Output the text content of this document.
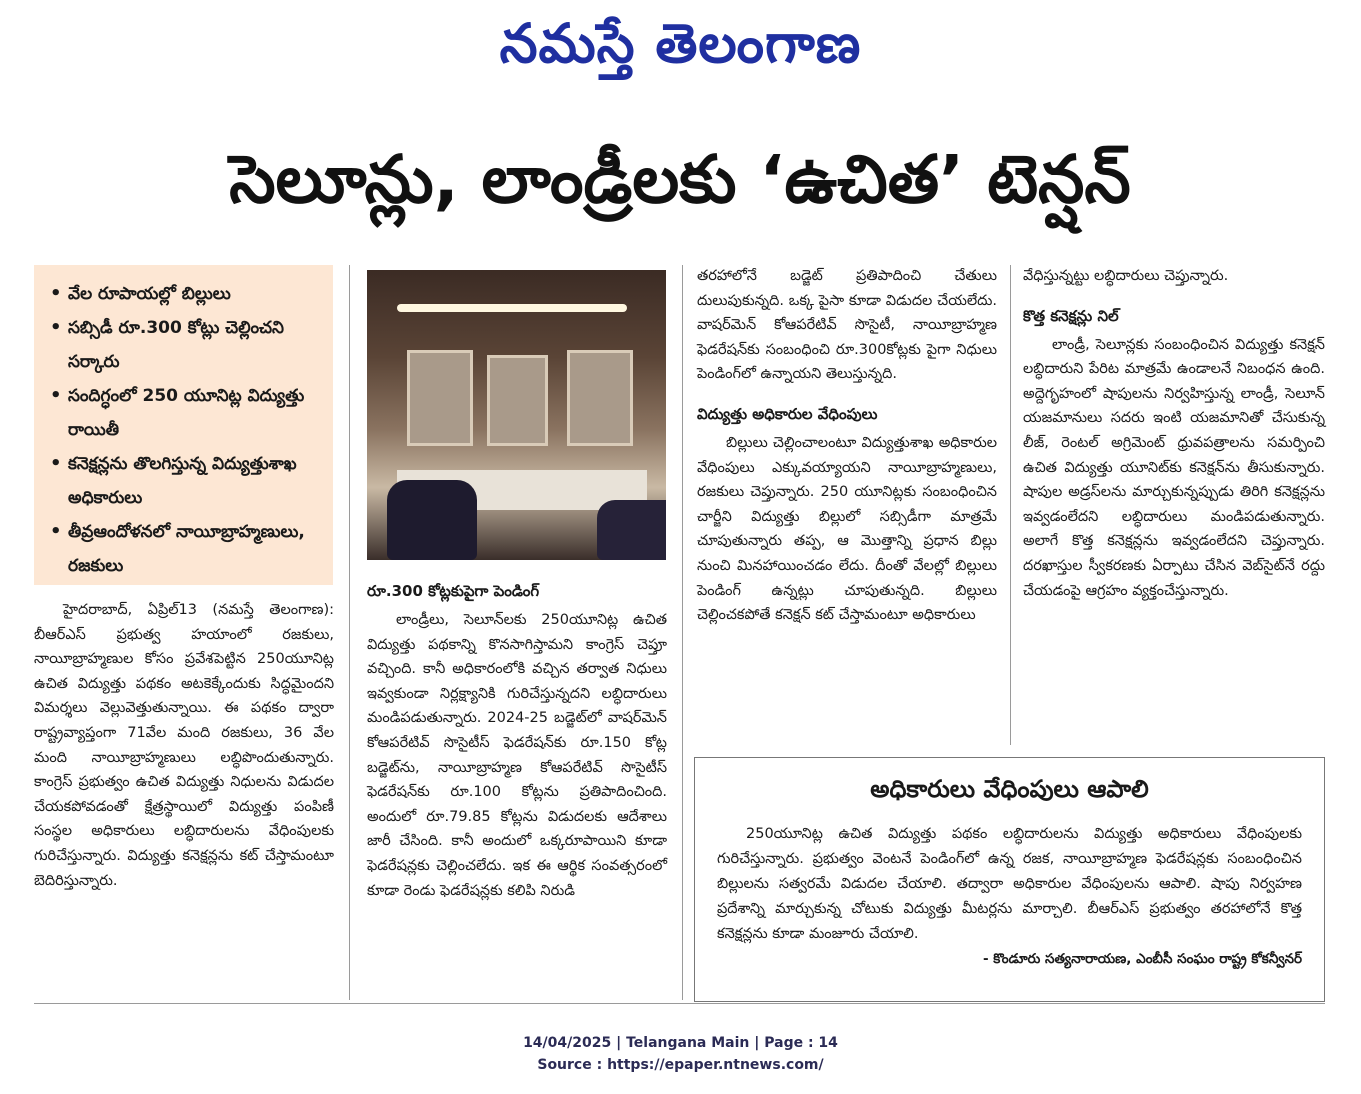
నమస్తే తెలంగాణ
సెలూన్లు, లాండ్రీలకు ‘ఉచిత’ టెన్షన్
• వేల రూపాయల్లో బిల్లులు
• సబ్సిడీ రూ.300 కోట్లు చెల్లించని సర్కారు
• సందిగ్ధంలో 250 యూనిట్ల విద్యుత్తు రాయితీ
• కనెక్షన్లను తొలగిస్తున్న విద్యుత్తుశాఖ అధికారులు
• తీవ్రఆందోళనలో నాయీబ్రాహ్మణులు, రజకులు

హైదరాబాద్, ఏప్రిల్13 (నమస్తే తెలంగాణ): బీఆర్ఎస్ ప్రభుత్వ హయాంలో రజకులు, నాయీబ్రాహ్మణుల కోసం ప్రవేశపెట్టిన 250యూనిట్ల ఉచిత విద్యుత్తు పథకం అటకెక్కేందుకు సిద్ధమైందని విమర్శలు వెల్లువెత్తుతున్నాయి. ఈ పథకం ద్వారా రాష్ట్రవ్యాప్తంగా 71వేల మంది రజకులు, 36 వేల మంది నాయీబ్రాహ్మణులు లబ్ధిపొందుతున్నారు. కాంగ్రెస్ ప్రభుత్వం ఉచిత విద్యుత్తు నిధులను విడుదల చేయకపోవడంతో క్షేత్రస్థాయిలో విద్యుత్తు పంపిణీ సంస్థల అధికారులు లబ్ధిదారులను వేధింపులకు గురిచేస్తున్నారు. విద్యుత్తు కనెక్షన్లను కట్ చేస్తామంటూ బెదిరిస్తున్నారు.

రూ.300 కోట్లకుపైగా పెండింగ్

లాండ్రీలు, సెలూన్‌లకు 250యూనిట్ల ఉచిత విద్యుత్తు పథకాన్ని కొనసాగిస్తామని కాంగ్రెస్ చెప్తూ వచ్చింది. కానీ అధికారంలోకి వచ్చిన తర్వాత నిధులు ఇవ్వకుండా నిర్లక్ష్యానికి గురిచేస్తున్నదని లబ్ధిదారులు మండిపడుతున్నారు. 2024-25 బడ్జెట్‌లో వాషర్‌మెన్ కోఆపరేటివ్ సొసైటీస్ ఫెడరేషన్‌కు రూ.150 కోట్ల బడ్జెట్‌ను, నాయీబ్రాహ్మణ కోఆపరేటివ్ సొసైటీస్ ఫెడరేషన్‌కు రూ.100 కోట్లను ప్రతిపాదించింది. అందులో రూ.79.85 కోట్లను విడుదలకు ఆదేశాలు జారీ చేసింది. కానీ అందులో ఒక్కరూపాయిని కూడా ఫెడరేషన్లకు చెల్లించలేదు. ఇక ఈ ఆర్థిక సంవత్సరంలో కూడా రెండు ఫెడరేషన్లకు కలిపి నిరుడి

తరహాలోనే బడ్జెట్ ప్రతిపాదించి చేతులు దులుపుకున్నది. ఒక్క పైసా కూడా విడుదల చేయలేదు. వాషర్‌మెన్ కోఆపరేటివ్ సొసైటీ, నాయీబ్రాహ్మణ ఫెడరేషన్‌కు సంబంధించి రూ.300కోట్లకు పైగా నిధులు పెండింగ్‌లో ఉన్నాయని తెలుస్తున్నది.

విద్యుత్తు అధికారుల వేధింపులు

బిల్లులు చెల్లించాలంటూ విద్యుత్తుశాఖ అధికారుల వేధింపులు ఎక్కువయ్యాయని నాయీబ్రాహ్మణులు, రజకులు చెప్తున్నారు. 250 యూనిట్లకు సంబంధించిన చార్జీని విద్యుత్తు బిల్లులో సబ్సిడీగా మాత్రమే చూపుతున్నారు తప్ప, ఆ మొత్తాన్ని ప్రధాన బిల్లు నుంచి మినహాయించడం లేదు. దీంతో వేలల్లో బిల్లులు పెండింగ్ ఉన్నట్లు చూపుతున్నది. బిల్లులు చెల్లించకపోతే కనెక్షన్ కట్ చేస్తామంటూ అధికారులు

వేధిస్తున్నట్టు లబ్ధిదారులు చెప్తున్నారు.

కొత్త కనెక్షన్లు నిల్

లాండ్రీ, సెలూన్లకు సంబంధించిన విద్యుత్తు కనెక్షన్ లబ్ధిదారుని పేరిట మాత్రమే ఉండాలనే నిబంధన ఉంది. అద్దెగృహంలో షాపులను నిర్వహిస్తున్న లాండ్రీ, సెలూన్ యజమానులు సదరు ఇంటి యజమానితో చేసుకున్న లీజ్, రెంటల్ అగ్రిమెంట్ ధ్రువపత్రాలను సమర్పించి ఉచిత విద్యుత్తు యూనిట్‌కు కనెక్షన్‌ను తీసుకున్నారు. షాపుల అడ్రస్‌లను మార్చుకున్నప్పుడు తిరిగి కనెక్షన్లను ఇవ్వడంలేదని లబ్ధిదారులు మండిపడుతున్నారు. అలాగే కొత్త కనెక్షన్లను ఇవ్వడంలేదని చెప్తున్నారు. దరఖాస్తుల స్వీకరణకు ఏర్పాటు చేసిన వెబ్‌సైట్‌నే రద్దు చేయడంపై ఆగ్రహం వ్యక్తంచేస్తున్నారు.

అధికారులు వేధింపులు ఆపాలి

250యూనిట్ల ఉచిత విద్యుత్తు పథకం లబ్ధిదారులను విద్యుత్తు అధికారులు వేధింపులకు గురిచేస్తున్నారు. ప్రభుత్వం వెంటనే పెండింగ్‌లో ఉన్న రజక, నాయీబ్రాహ్మణ ఫెడరేషన్లకు సంబంధించిన బిల్లులను సత్వరమే విడుదల చేయాలి. తద్వారా అధికారుల వేధింపులను ఆపాలి. షాపు నిర్వహణ ప్రదేశాన్ని మార్చుకున్న చోటుకు విద్యుత్తు మీటర్లను మార్చాలి. బీఆర్ఎస్ ప్రభుత్వం తరహాలోనే కొత్త కనెక్షన్లను కూడా మంజూరు చేయాలి.

- కొండూరు సత్యనారాయణ, ఎంబీసీ సంఘం రాష్ట్ర కోకన్వీనర్
14/04/2025 | Telangana Main | Page : 14
Source : https://epaper.ntnews.com/
